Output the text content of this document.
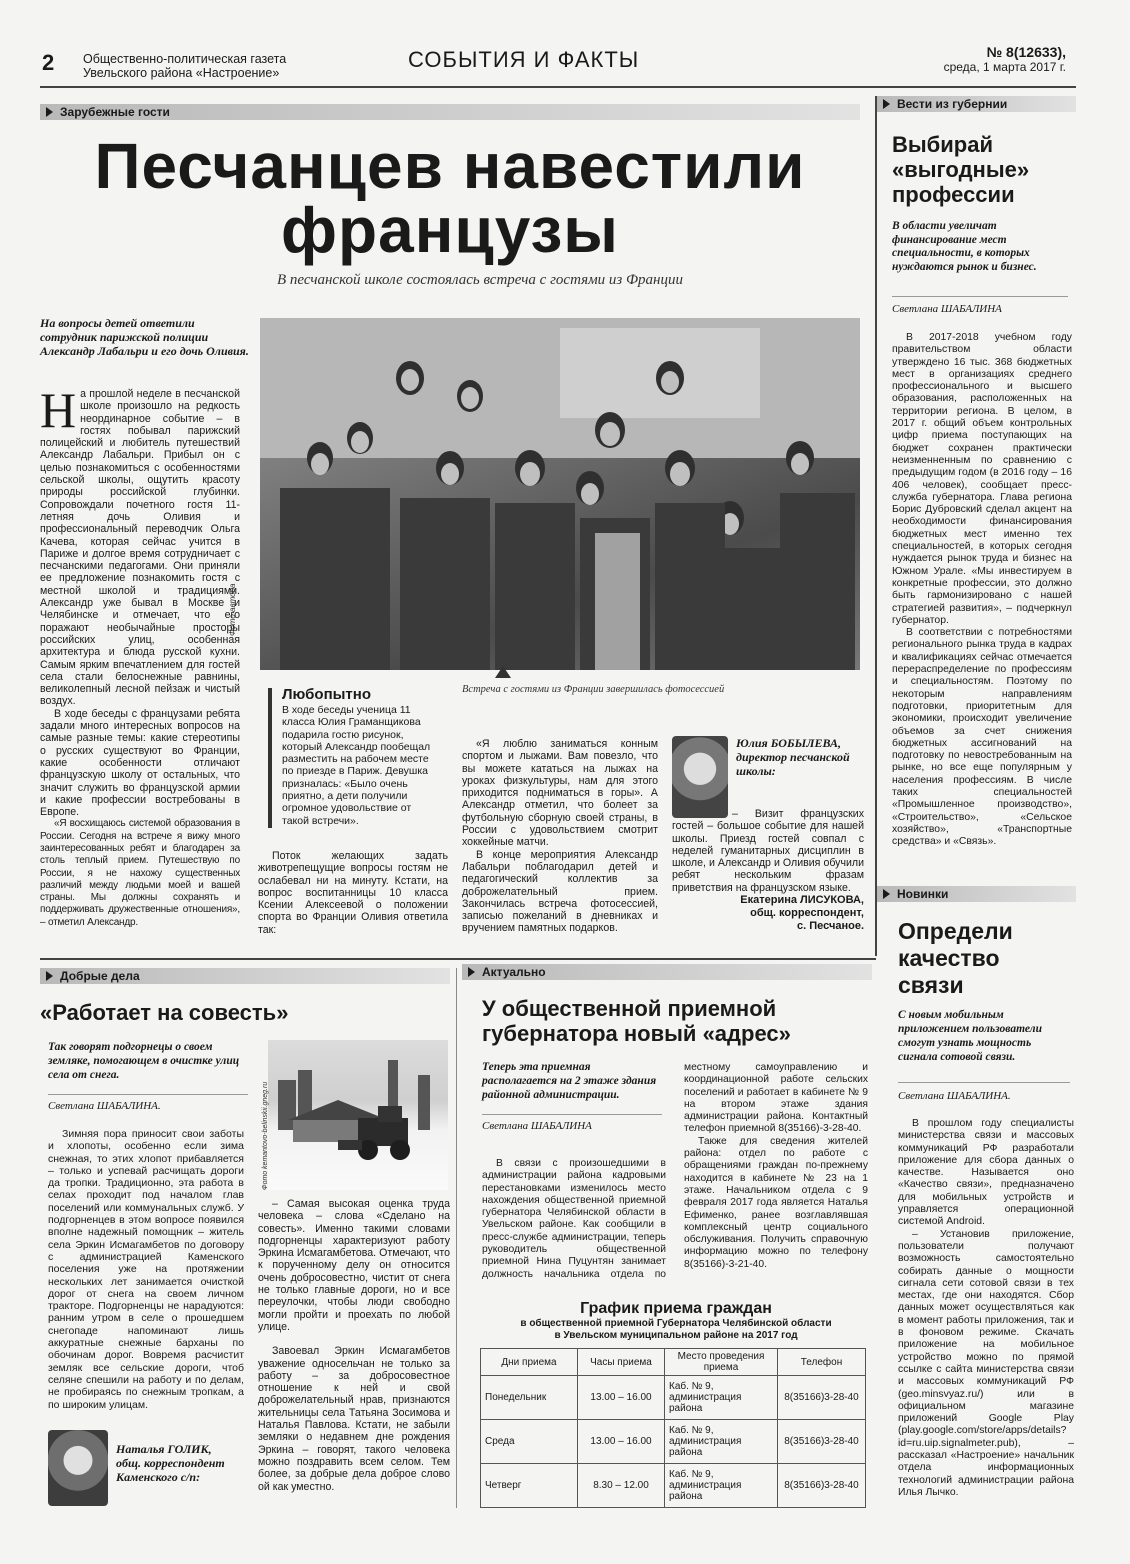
2 Общественно-политическая газета
Увельского района «Настроение»
СОБЫТИЯ И ФАКТЫ	№ 8(12633),
среда, 1 марта 2017 г.
Зарубежные гости
Песчанцев навестили
французы
В песчанской школе состоялась встреча с гостями из Франции
На вопросы детей ответили сотрудник парижской полиции Александр Лабальри и его дочь Оливия.
Н а прошлой неделе в песчанской школе произошло на редкость неординарное событие – в гостях побывал парижский полицейский и любитель путешествий Александр Лабальри. Прибыл он с целью познакомиться с особенностями сельской школы, ощутить красоту природы российской глубинки. Сопровождали почетного гостя 11-летняя дочь Оливия и профессиональный переводчик Ольга Качева, которая сейчас учится в Париже и долгое время сотрудничает с песчанскими педагогами. Они приняли ее предложение познакомить гостя с местной школой и традициями. Александр уже бывал в Москве и Челябинске и отмечает, что его поражают необычайные просторы российских улиц, особенная архитектура и блюда русской кухни. Самым ярким впечатлением для гостей села стали белоснежные равнины, великолепный лесной пейзаж и чистый воздух.

В ходе беседы с французами ребята задали много интересных вопросов на самые разные темы: какие стереотипы о русских существуют во Франции, какие особенности отличают французскую школу от остальных, что значит служить во французской армии и какие профессии востребованы в Европе.

«Я восхищаюсь системой образования в России. Сегодня на встрече я вижу много заинтересованных ребят и благодарен за столь теплый прием. Путешествую по России, я не нахожу существенных различий между людьми моей и вашей страны. Мы должны сохранять и поддерживать дружественные отношения», – отметил Александр.

Фото автора
Встреча с гостями из Франции завершилась фотосессией
Любопытно
В ходе беседы ученица 11 класса Юлия Граманщикова подарила гостю рисунок, который Александр пообещал разместить на рабочем месте по приезде в Париж. Девушка призналась: «Было очень приятно, а дети получили огромное удовольствие от такой встречи».

Поток желающих задать животрепещущие вопросы гостям не ослабевал ни на минуту. Кстати, на вопрос воспитанницы 10 класса Ксении Алексеевой о положении спорта во Франции Оливия ответила так:

«Я люблю заниматься конным спортом и лыжами. Вам повезло, что вы можете кататься на лыжах на уроках физкультуры, нам для этого приходится подниматься в горы». А Александр отметил, что болеет за футбольную сборную своей страны, в России с удовольствием смотрит хоккейные матчи.

В конце мероприятия Александр Лабальри поблагодарил детей и педагогический коллектив за доброжелательный прием. Закончилась встреча фотосессией, записью пожеланий в дневниках и вручением памятных подарков.

Юлия БОБЫЛЕВА,
директор песчанской школы:
– Визит французских гостей – большое событие для нашей школы. Приезд гостей совпал с неделей гуманитарных дисциплин в школе, и Александр и Оливия обучили ребят нескольким фразам приветствия на французском языке.
Екатерина ЛИСУКОВА,
общ. корреспондент,
с. Песчаное.
Вести из губернии
Выбирай «выгодные» профессии
В области увеличат финансирование мест специальности, в которых нуждаются рынок и бизнес.
Светлана ШАБАЛИНА

В 2017-2018 учебном году правительством области утверждено 16 тыс. 368 бюджетных мест в организациях среднего профессионального и высшего образования, расположенных на территории региона. В целом, в 2017 г. общий объем контрольных цифр приема поступающих на бюджет сохранен практически неизменненным по сравнению с предыдущим годом (в 2016 году – 16 406 человек), сообщает пресс-служба губернатора. Глава региона Борис Дубровский сделал акцент на необходимости финансирования бюджетных мест именно тех специальностей, в которых сегодня нуждается рынок труда и бизнес на Южном Урале. «Мы инвестируем в конкретные профессии, это должно быть гармонизировано с нашей стратегией развития», – подчеркнул губернатор.

В соответствии с потребностями регионального рынка труда в кадрах и квалификациях сейчас отмечается перераспределение по профессиям и специальностям. Поэтому по некоторым направлениям подготовки, приоритетным для экономики, происходит увеличение объемов за счет снижения бюджетных ассигнований на подготовку по невостребованным на рынке, но все еще популярным у населения профессиям. В числе таких специальностей «Промышленное производство», «Строительство», «Сельское хозяйство», «Транспортные средства» и «Связь».

Новинки
Определи качество связи
С новым мобильным приложением пользователи смогут узнать мощность сигнала сотовой связи.
Светлана ШАБАЛИНА.

В прошлом году специалисты министерства связи и массовых коммуникаций РФ разработали приложение для сбора данных о качестве. Называется оно «Качество связи», предназначено для мобильных устройств и управляется операционной системой Android.

– Установив приложение, пользователи получают возможность самостоятельно собирать данные о мощности сигнала сети сотовой связи в тех местах, где они находятся. Сбор данных может осуществляться как в момент работы приложения, так и в фоновом режиме. Скачать приложение на мобильное устройство можно по прямой ссылке с сайта министерства связи и массовых коммуникаций РФ (geo.minsvyaz.ru/) или в официальном магазине приложений Google Play (play.google.com/store/apps/details?id=ru.uip.signalmeter.pub), – рассказал «Настроение» начальник отдела информационных технологий администрации района Илья Лычко.

Добрые дела	Актуально
«Работает на совесть»
Так говорят подгорнецы о своем земляке, помогающем в очистке улиц села от снега.
Светлана ШАБАЛИНА.	Фото kemantovo-belinskii.gneg.ru

Зимняя пора приносит свои заботы и хлопоты, особенно если зима снежная, то этих хлопот прибавляется – только и успевай расчищать дороги да тропки. Традиционно, эта работа в селах проходит под началом глав поселений или коммунальных служб. У подгорненцев в этом вопросе появился вполне надежный помощник – житель села Эркин Исмагамбетов по договору с администрацией Каменского поселения уже на протяжении нескольких лет занимается очисткой дорог от снега на своем личном тракторе. Подгорненцы не нарадуются: ранним утром в селе о прошедшем снегопаде напоминают лишь аккуратные снежные барханы по обочинам дорог. Вовремя расчистит земляк все сельские дороги, чтоб селяне спешили на работу и по делам, не пробираясь по снежным тропкам, а по широким улицам.

– Самая высокая оценка труда человека – слова «Сделано на совесть». Именно такими словами подгорненцы характеризуют работу Эркина Исмагамбетова. Отмечают, что к порученному делу он относится очень добросовестно, чистит от снега не только главные дороги, но и все переулочки, чтобы люди свободно могли пройти и проехать по любой улице.

Завоевал Эркин Исмагамбетов уважение односельчан не только за работу – за добросовестное отношение к ней и свой доброжелательный нрав, признаются жительницы села Татьяна Зосимова и Наталья Павлова. Кстати, не забыли земляки о недавнем дне рождения Эркина – говорят, такого человека можно поздравить всем селом. Тем более, за добрые дела доброе слово ой как уместно.

Наталья ГОЛИК,
общ. корреспондент Каменского с/п:
У общественной приемной
губернатора новый «адрес»
Теперь эта приемная располагается на 2 этаже здания районной администрации.
Светлана ШАБАЛИНА

В связи с произошедшими в администрации района кадровыми перестановками изменилось место нахождения общественной приемной губернатора Челябинской области в Увельском районе. Как сообщили в пресс-службе администрации, теперь руководитель общественной приемной Нина Пуцунтян занимает должность начальника отдела по местному самоуправлению и координационной работе сельских поселений и работает в кабинете № 9 на втором этаже здания администрации района. Контактный телефон приемной 8(35166)-3-28-40.

Также для сведения жителей района: отдел по работе с обращениями граждан по-прежнему находится в кабинете № 23 на 1 этаже. Начальником отдела с 9 февраля 2017 года является Наталья Ефименко, ранее возглавлявшая комплексный центр социального обслуживания. Получить справочную информацию можно по телефону 8(35166)-3-21-40.

График приема граждан
в общественной приемной Губернатора Челябинской области
в Увельском муниципальном районе на 2017 год
Дни приема	Часы приема	Место проведения приема	Телефон
Понедельник	13.00 – 16.00	Каб. № 9, администрация района	8(35166)3-28-40
Среда	13.00 – 16.00	Каб. № 9, администрация района	8(35166)3-28-40
Четверг	8.30 – 12.00	Каб. № 9, администрация района	8(35166)3-28-40
